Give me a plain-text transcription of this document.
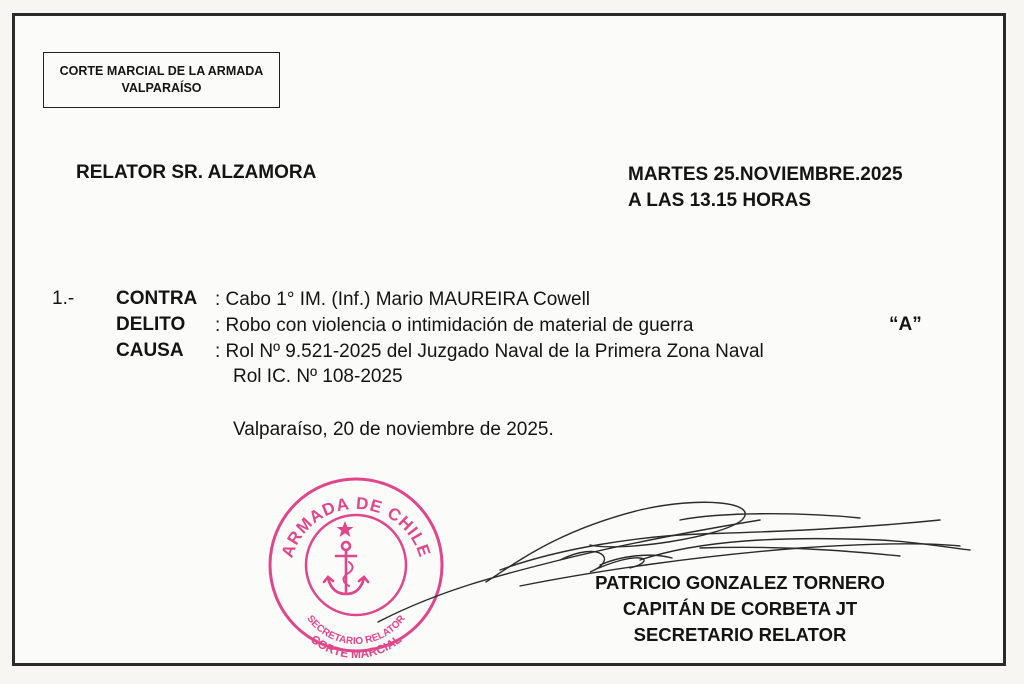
CORTE MARCIAL DE LA ARMADA
VALPARAÍSO
RELATOR SR. ALZAMORA	MARTES 25.NOVIEMBRE.2025
A LAS 13.15 HORAS
1.- CONTRA : Cabo 1° IM. (Inf.) Mario MAUREIRA Cowell
DELITO : Robo con violencia o intimidación de material de guerra	“A”
CAUSA : Rol Nº 9.521-2025 del Juzgado Naval de la Primera Zona Naval
Rol IC. Nº 108-2025
Valparaíso, 20 de noviembre de 2025.
ARMADA DE CHILE
SECRETARIO RELATOR
CORTE MARCIAL
PATRICIO GONZALEZ TORNERO
CAPITÁN DE CORBETA JT
SECRETARIO RELATOR
